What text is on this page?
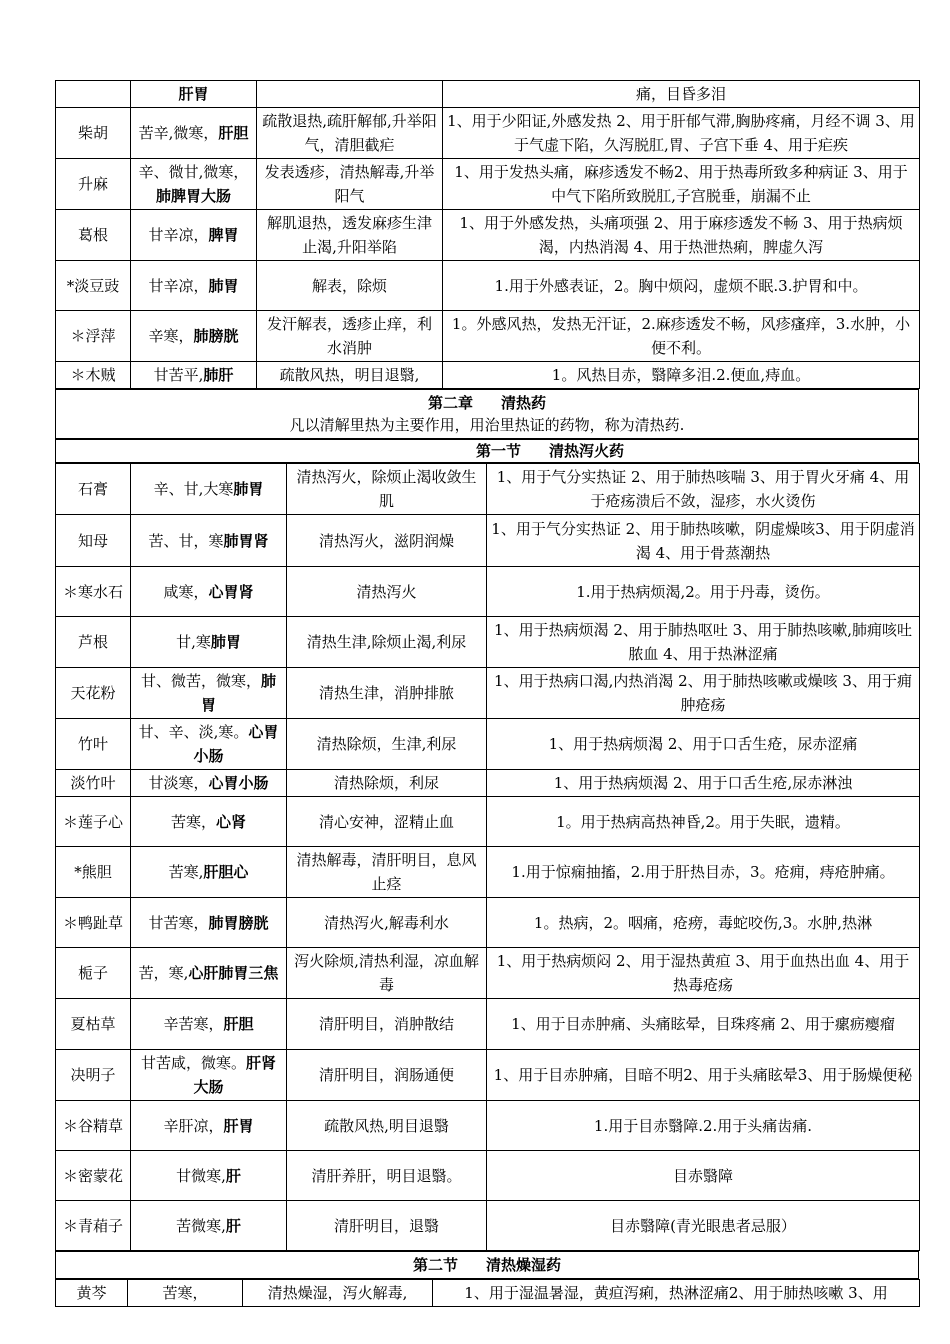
	肝胃		痛，目昏多泪
柴胡	苦辛,微寒，肝胆	疏散退热,疏肝解郁,升举阳气，清胆截疟	1、用于少阳证,外感发热 2、用于肝郁气滞,胸胁疼痛，月经不调 3、用于气虚下陷，久泻脱肛,胃、子宫下垂 4、用于疟疾
升麻	辛、微甘,微寒，肺脾胃大肠	发表透疹，清热解毒,升举阳气	1、用于发热头痛，麻疹透发不畅2、用于热毒所致多种病证 3、用于中气下陷所致脱肛,子宫脱垂，崩漏不止
葛根	甘辛凉，脾胃	解肌退热，透发麻疹生津止渴,升阳举陷	1、用于外感发热，头痛项强 2、用于麻疹透发不畅 3、用于热病烦渴，内热消渴 4、用于热泄热痢，脾虚久泻
*淡豆豉	甘辛凉，肺胃	解表，除烦	1.用于外感表证，2。胸中烦闷，虚烦不眠.3.护胃和中。
＊浮萍	辛寒，肺膀胱	发汗解表，透疹止痒，利水消肿	1。外感风热，发热无汗证，2.麻疹透发不畅，风疹瘙痒，3.水肿，小便不利。
＊木贼	甘苦平,肺肝	疏散风热，明目退翳,	1。风热目赤，翳障多泪.2.便血,痔血。
第二章 清热药
凡以清解里热为主要作用，用治里热证的药物，称为清热药.
第一节 清热泻火药
石膏	辛、甘,大寒肺胃	清热泻火，除烦止渴收敛生肌	1、用于气分实热证 2、用于肺热咳喘 3、用于胃火牙痛 4、用于疮疡溃后不敛，湿疹，水火烫伤
知母	苦、甘，寒肺胃肾	清热泻火，滋阴润燥	1、用于气分实热证 2、用于肺热咳嗽，阴虚燥咳3、用于阴虚消渴 4、用于骨蒸潮热
＊寒水石	咸寒，心胃肾	清热泻火	1.用于热病烦渴,2。用于丹毒，烫伤。
芦根	甘,寒肺胃	清热生津,除烦止渴,利尿	1、用于热病烦渴 2、用于肺热呕吐 3、用于肺热咳嗽,肺痈咳吐脓血 4、用于热淋涩痛
天花粉	甘、微苦，微寒，肺胃	清热生津，消肿排脓	1、用于热病口渴,内热消渴 2、用于肺热咳嗽或燥咳 3、用于痈肿疮疡
竹叶	甘、辛、淡,寒。心胃小肠	清热除烦，生津,利尿	1、用于热病烦渴 2、用于口舌生疮，尿赤涩痛
淡竹叶	甘淡寒，心胃小肠	清热除烦，利尿	1、用于热病烦渴 2、用于口舌生疮,尿赤淋浊
＊莲子心	苦寒，心肾	清心安神，涩精止血	1。用于热病高热神昏,2。用于失眠，遗精。
*熊胆	苦寒,肝胆心	清热解毒，清肝明目，息风止痉	1.用于惊痫抽搐，2.用于肝热目赤，3。疮痈，痔疮肿痛。
＊鸭趾草	甘苦寒，肺胃膀胱	清热泻火,解毒利水	1。热病，2。咽痛，疮痨，毒蛇咬伤,3。水肿,热淋
栀子	苦，寒,心肝肺胃三焦	泻火除烦,清热利湿，凉血解毒	1、用于热病烦闷 2、用于湿热黄疸 3、用于血热出血 4、用于热毒疮疡
夏枯草	辛苦寒，肝胆	清肝明目，消肿散结	1、用于目赤肿痛、头痛眩晕，目珠疼痛 2、用于瘰疬瘿瘤
决明子	甘苦咸，微寒。肝肾大肠	清肝明目，润肠通便	1、用于目赤肿痛，目暗不明2、用于头痛眩晕3、用于肠燥便秘
＊谷精草	辛肝凉，肝胃	疏散风热,明目退翳	1.用于目赤翳障.2.用于头痛齿痛.
＊密蒙花	甘微寒,肝	清肝养肝，明目退翳。	目赤翳障
＊青葙子	苦微寒,肝	清肝明目，退翳	目赤翳障(青光眼患者忌服）
第二节 清热燥湿药
黄芩	苦寒，	清热燥湿，泻火解毒,	1、用于湿温暑湿，黄疸泻痢，热淋涩痛2、用于肺热咳嗽 3、用
